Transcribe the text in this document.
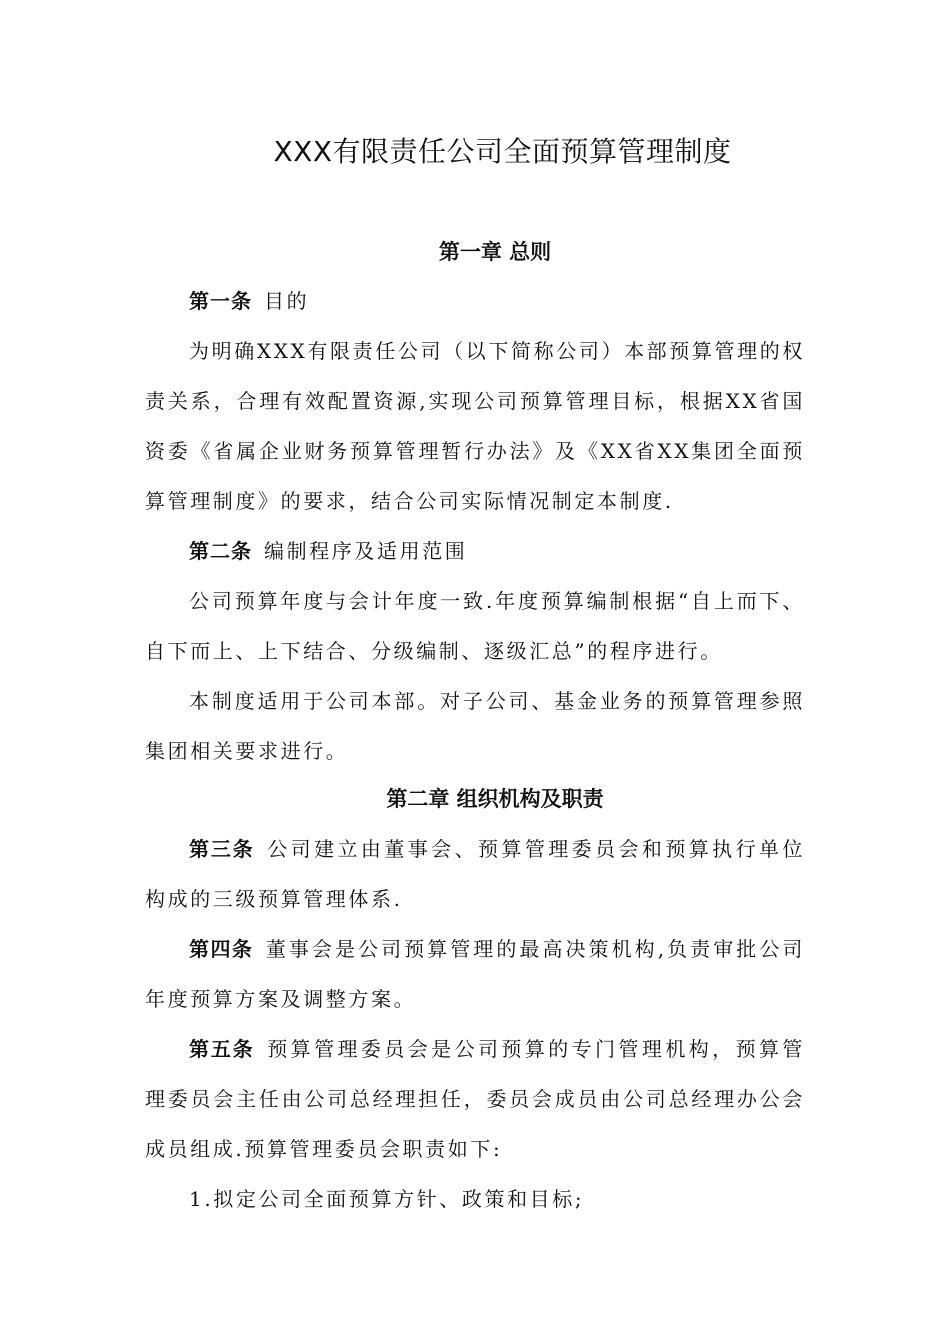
XXX有限责任公司全面预算管理制度
第一章 总则
第一条 目的
为明确XXX有限责任公司（以下简称公司）本部预算管理的权责关系，合理有效配置资源,实现公司预算管理目标，根据XX省国资委《省属企业财务预算管理暂行办法》及《XX省XX集团全面预算管理制度》的要求，结合公司实际情况制定本制度.
第二条 编制程序及适用范围
公司预算年度与会计年度一致.年度预算编制根据“自上而下、自下而上、上下结合、分级编制、逐级汇总”的程序进行。
本制度适用于公司本部。对子公司、基金业务的预算管理参照集团相关要求进行。
第二章 组织机构及职责
第三条 公司建立由董事会、预算管理委员会和预算执行单位构成的三级预算管理体系.
第四条 董事会是公司预算管理的最高决策机构,负责审批公司年度预算方案及调整方案。
第五条 预算管理委员会是公司预算的专门管理机构，预算管理委员会主任由公司总经理担任，委员会成员由公司总经理办公会成员组成.预算管理委员会职责如下:
1.拟定公司全面预算方针、政策和目标;
